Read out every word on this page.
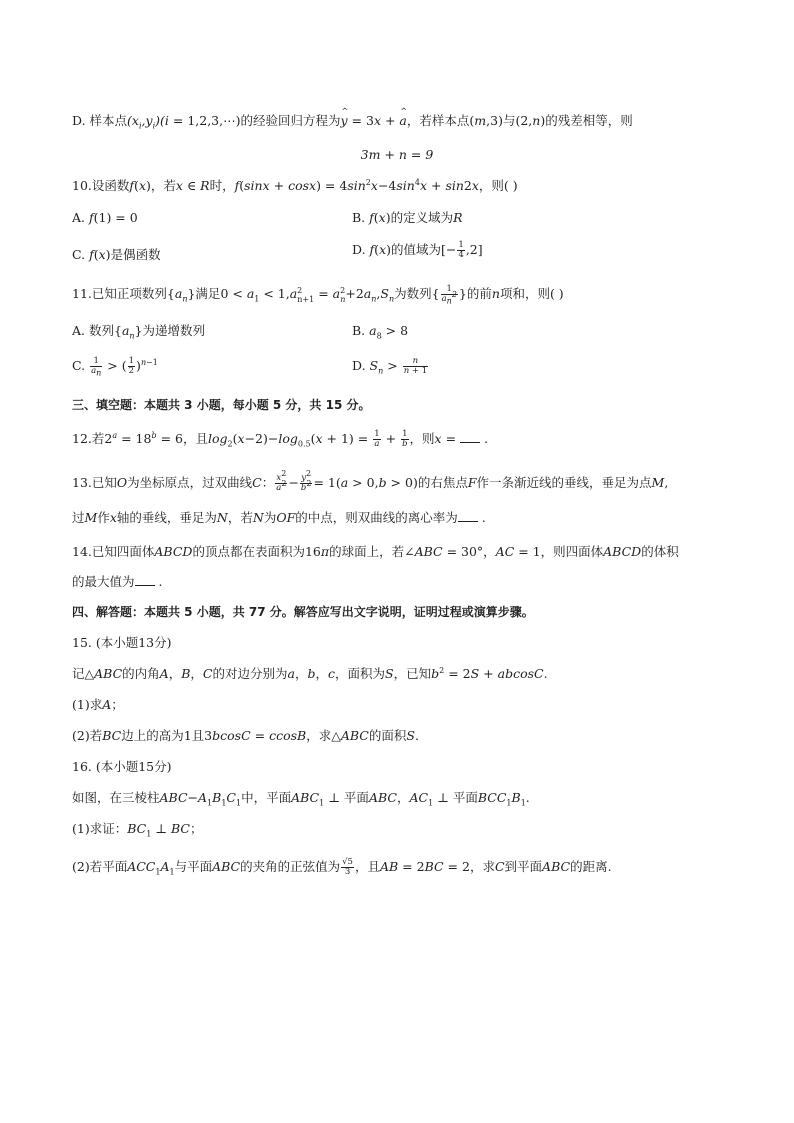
D. 样本点$(x_i,y_i)(i$ = 1,2,3,⋯)的经验回归方程为^ y = 3x + ^ a，若样本点(m,3)与(2,n)的残差相等，则
3m + n = 9
10.设函数f(x)，若x ∈ R时，$f(\sin x + \cos x) = 4\sin^2x-4\sin^4x + \sin 2x$，则( )
A. f(1) = 0	B. f(x)的定义域为R
C. f(x)是偶函数	D. f(x)的值域为[− $\frac{1}{4} ,2$]
11.已知正项数列$\{a_n\}$满足$0 < a_1 < 1,a^2_{n+1} = a^2_n+2a_n,S_n$为数列{ $\frac{1}{a_n^2}$ }的前n项和，则( )
A. 数列$\{a_n\}$为递增数列	B. $a_8 > 8$
C. $\frac{1}{a_n}$ > ( $\frac{1}{2} )^{n-1}$	D. $S_n > \frac{n}{n + 1}$
三、填空题：本题共 3 小题，每小题 5 分，共 15 分。
12.若$2^a = 18^b = 6$，且$\log_2(x-2)-\log_{0.5}(x + 1) = \frac{1}{a} + \frac{1}{b}$ ，则x =  .
13.已知O为坐标原点，过双曲线C： $\frac{x^2}{a^2} - \frac{y^2}{b^2} = 1(a > 0,b > 0)$的右焦点F作一条渐近线的垂线，垂足为点M,
过M作x轴的垂线，垂足为N，若N为OF的中点，则双曲线的离心率为 .
14.已知四面体ABCD的顶点都在表面积为16π的球面上，若∠ABC = 30°，AC = 1，则四面体ABCD的体积
的最大值为 .
四、解答题：本题共 5 小题，共 77 分。解答应写出文字说明，证明过程或演算步骤。
15. (本小题13分)
记△ABC的内角A，B，C的对边分别为a，b，c，面积为S，已知$b^2 = 2S + abcosC$.
(1)求A；
(2)若BC边上的高为1且3bcosC = ccosB，求△ABC的面积S.
16. (本小题15分)
如图，在三棱柱$ABC-A_1B_1C_1$中，平面$ABC_1$ ⊥ 平面ABC，$AC_1$ ⊥ 平面$BCC_1B_1$.
(1)求证：$BC_1$ ⊥ BC；
(2)若平面$ACC_1A_1$与平面ABC的夹角的正弦值为 $\frac{√5}{3}$ ，且AB = 2BC = 2，求C到平面ABC的距离.
